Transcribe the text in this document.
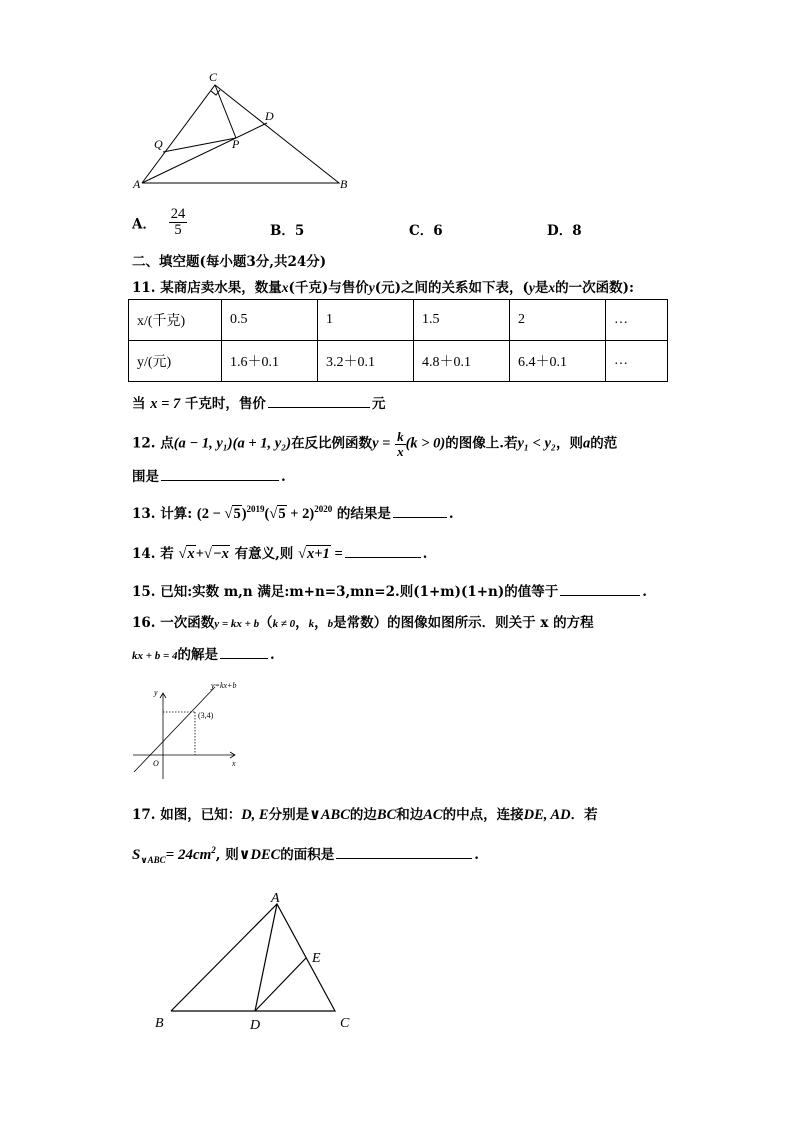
C
D
Q	P
A	B
A． $\frac{24}{5}$	B．5	C．6	D．8
二、填空题(每小题3分,共24分)
11. 某商店卖水果，数量x(千克)与售价y(元)之间的关系如下表，(y是x的一次函数):
x/(千克)	0.5	1	1.5	2	…
y/(元)	1.6＋0.1	3.2＋0.1	4.8＋0.1	6.4＋0.1	…
当 x = 7 千克时，售价	元
12. 点(a − 1, y₁)(a + 1, y₂)在反比例函数$y = \frac{k}{x} (k > 0)$的图像上.若y₁ < y₂，则a的范
围是	.
13. 计算: $(2 - √5)^{2019}(√5 + 2)^{2020}$ 的结果是	.
14. 若 √x+√−x 有意义,则 √x+1 =	.
15. 已知:实数 m,n 满足:m+n=3,mn=2.则(1+m)(1+n)的值等于	.
16. 一次函数y = kx + b（k ≠ 0，k，b是常数）的图像如图所示．则关于 x 的方程
kx + b = 4的解是	.
y=kx+b
(3,4)
y
x
O
17. 如图，已知：D, E分别是∨ABC的边BC和边AC的中点，连接DE, AD．若
$S_{\vee ABC}= 24cm^2$, 则∨DEC的面积是	.
A
E
B	D	C
